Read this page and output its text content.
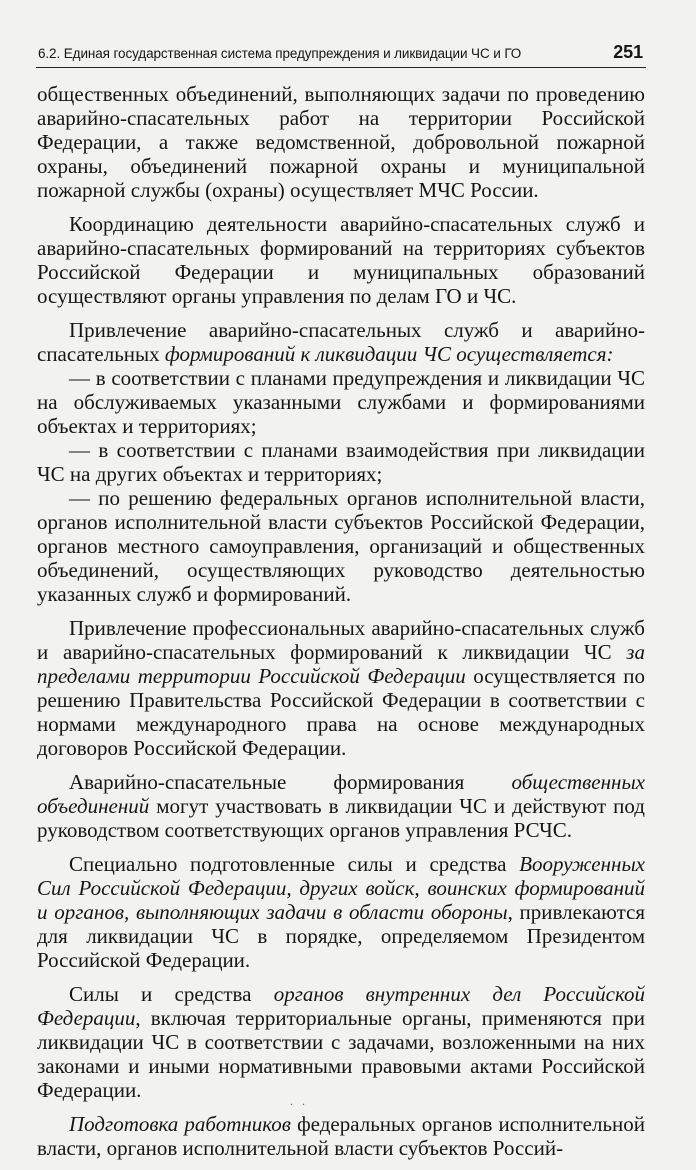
6.2. Единая государственная система предупреждения и ликвидации ЧС и ГО	251

общественных объединений, выполняющих задачи по проведению аварийно-спасательных работ на территории Российской Федерации, а также ведомственной, добровольной пожарной охраны, объединений пожарной охраны и муниципальной пожарной службы (охраны) осуществляет МЧС России.

Координацию деятельности аварийно-спасательных служб и аварийно-спасательных формирований на территориях субъектов Российской Федерации и муниципальных образований осуществляют органы управления по делам ГО и ЧС.

Привлечение аварийно-спасательных служб и аварийно-спасательных формирований к ликвидации ЧС осуществляется:

— в соответствии с планами предупреждения и ликвидации ЧС на обслуживаемых указанными службами и формированиями объектах и территориях;

— в соответствии с планами взаимодействия при ликвидации ЧС на других объектах и территориях;

— по решению федеральных органов исполнительной власти, органов исполнительной власти субъектов Российской Федерации, органов местного самоуправления, организаций и общественных объединений, осуществляющих руководство деятельностью указанных служб и формирований.

Привлечение профессиональных аварийно-спасательных служб и аварийно-спасательных формирований к ликвидации ЧС за пределами территории Российской Федерации осуществляется по решению Правительства Российской Федерации в соответствии с нормами международного права на основе международных договоров Российской Федерации.

Аварийно-спасательные формирования общественных объединений могут участвовать в ликвидации ЧС и действуют под руководством соответствующих органов управления РСЧС.

Специально подготовленные силы и средства Вооруженных Сил Российской Федерации, других войск, воинских формирований и органов, выполняющих задачи в области обороны, привлекаются для ликвидации ЧС в порядке, определяемом Президентом Российской Федерации.

Силы и средства органов внутренних дел Российской Федерации, включая территориальные органы, применяются при ликвидации ЧС в соответствии с задачами, возложенными на них законами и иными нормативными правовыми актами Российской Федерации.

Подготовка работников федеральных органов исполнительной власти, органов исполнительной власти субъектов Россий-

. .
